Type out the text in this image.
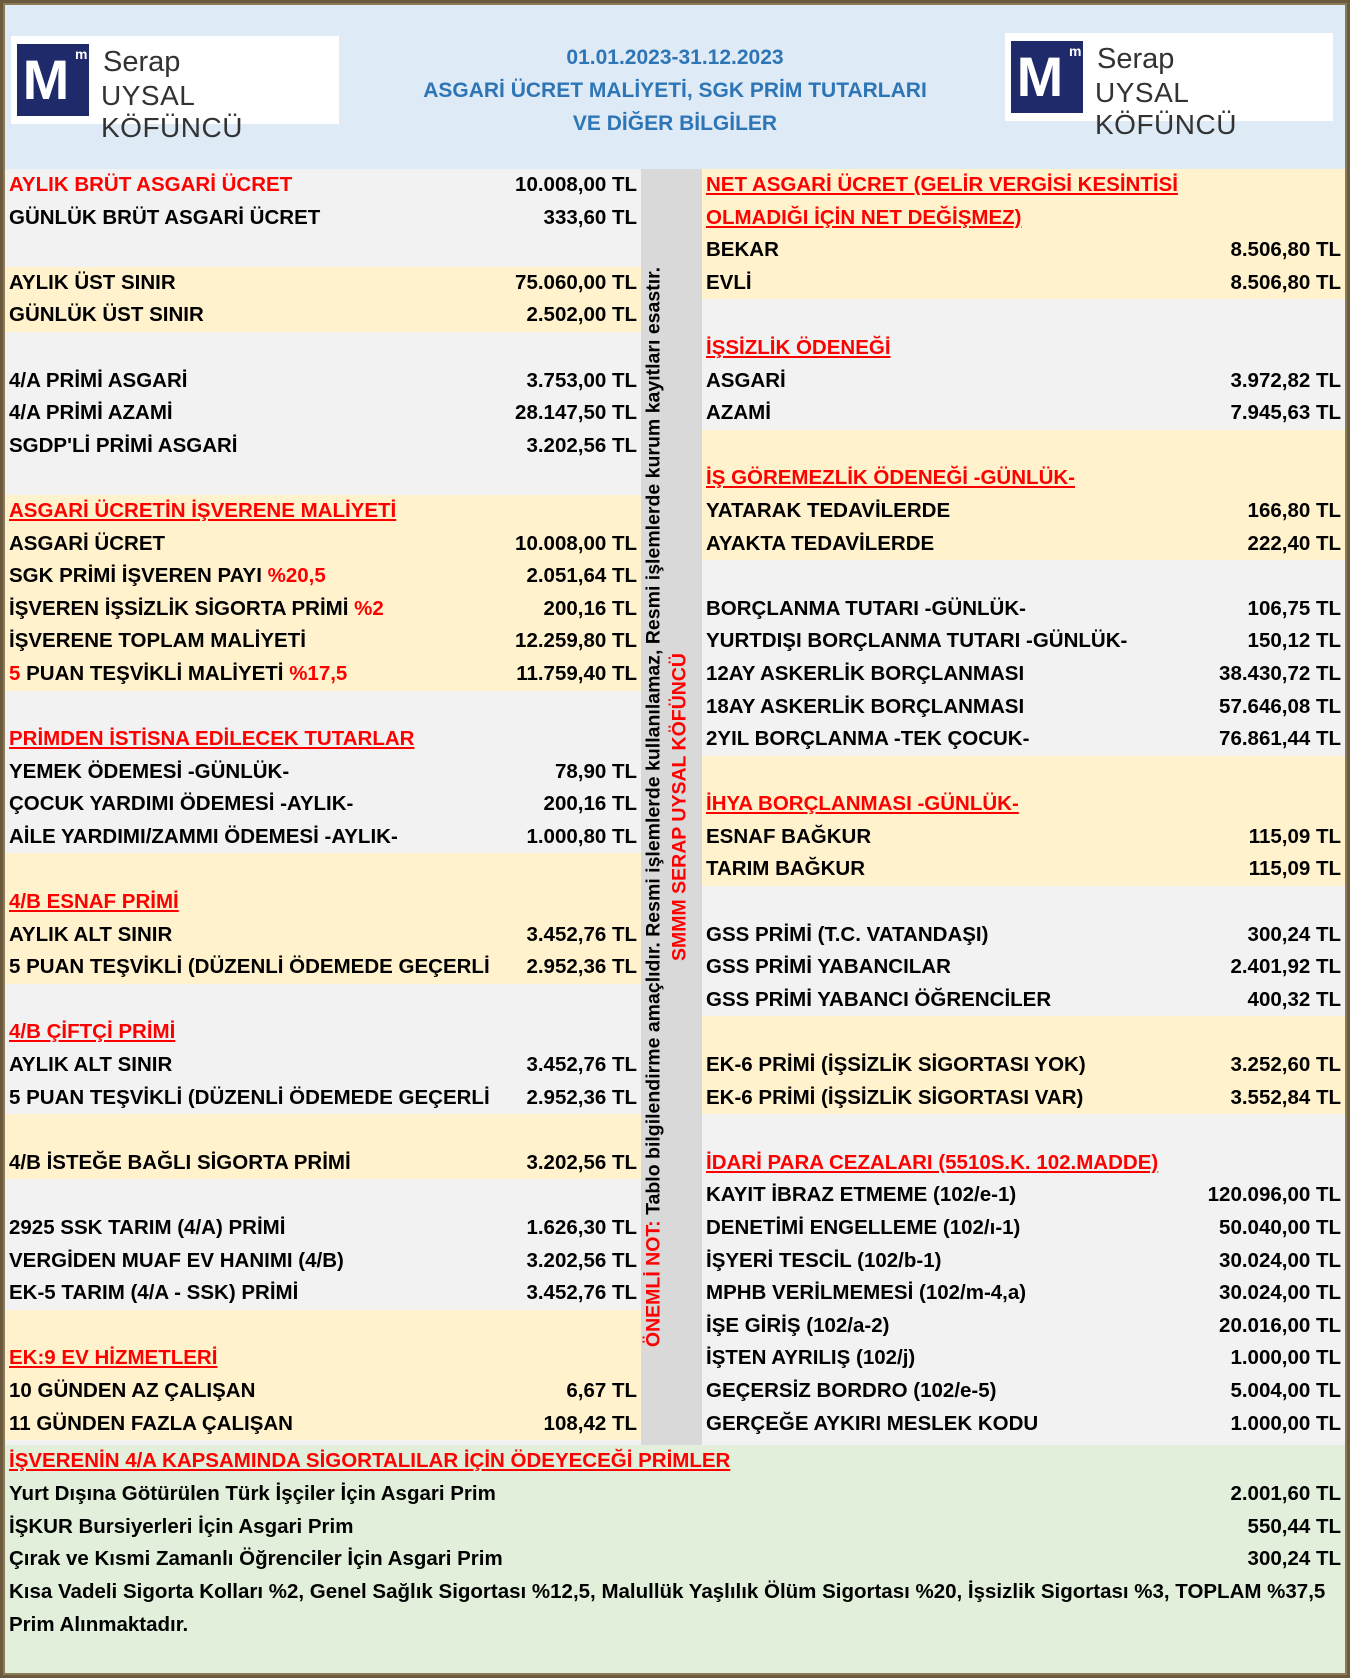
M m Serap
UYSAL KÖFÜNCÜ
01.01.2023-31.12.2023
ASGARİ ÜCRET MALİYETİ, SGK PRİM TUTARLARI
VE DİĞER BİLGİLER
M m Serap
UYSAL KÖFÜNCÜ
AYLIK BRÜT ASGARİ ÜCRET	10.008,00 TL
GÜNLÜK BRÜT ASGARİ ÜCRET	333,60 TL
AYLIK ÜST SINIR	75.060,00 TL
GÜNLÜK ÜST SINIR	2.502,00 TL
4/A PRİMİ ASGARİ	3.753,00 TL
4/A PRİMİ AZAMİ	28.147,50 TL
SGDP'Lİ PRİMİ ASGARİ	3.202,56 TL
ASGARİ ÜCRETİN İŞVERENE MALİYETİ
ASGARİ ÜCRET	10.008,00 TL
SGK PRİMİ İŞVEREN PAYI %20,5	2.051,64 TL
İŞVEREN İŞSİZLİK SİGORTA PRİMİ %2	200,16 TL
İŞVERENE TOPLAM MALİYETİ	12.259,80 TL
5 PUAN TEŞVİKLİ MALİYETİ %17,5	11.759,40 TL
PRİMDEN İSTİSNA EDİLECEK TUTARLAR
YEMEK ÖDEMESİ -GÜNLÜK-	78,90 TL
ÇOCUK YARDIMI ÖDEMESİ -AYLIK-	200,16 TL
AİLE YARDIMI/ZAMMI ÖDEMESİ -AYLIK-	1.000,80 TL
4/B ESNAF PRİMİ
AYLIK ALT SINIR	3.452,76 TL
5 PUAN TEŞVİKLİ (DÜZENLİ ÖDEMEDE GEÇERLİ	2.952,36 TL
4/B ÇİFTÇİ PRİMİ
AYLIK ALT SINIR	3.452,76 TL
5 PUAN TEŞVİKLİ (DÜZENLİ ÖDEMEDE GEÇERLİ	2.952,36 TL
4/B İSTEĞE BAĞLI SİGORTA PRİMİ	3.202,56 TL
2925 SSK TARIM (4/A) PRİMİ	1.626,30 TL
VERGİDEN MUAF EV HANIMI (4/B)	3.202,56 TL
EK-5 TARIM (4/A - SSK) PRİMİ	3.452,76 TL
EK:9 EV HİZMETLERİ
10 GÜNDEN AZ ÇALIŞAN	6,67 TL
11 GÜNDEN FAZLA ÇALIŞAN	108,42 TL
ÖNEMLİ NOT: Tablo bilgilendirme amaçlıdır. Resmi işlemlerde kullanılamaz, Resmi işlemlerde kurum kayıtları esastır. SMMM SERAP UYSAL KÖFÜNCÜ
NET ASGARİ ÜCRET (GELİR VERGİSİ KESİNTİSİ
OLMADIĞI İÇİN NET DEĞİŞMEZ)
BEKAR	8.506,80 TL
EVLİ	8.506,80 TL
İŞSİZLİK ÖDENEĞİ
ASGARİ	3.972,82 TL
AZAMİ	7.945,63 TL
İŞ GÖREMEZLİK ÖDENEĞİ -GÜNLÜK-
YATARAK TEDAVİLERDE	166,80 TL
AYAKTA TEDAVİLERDE	222,40 TL
BORÇLANMA TUTARI -GÜNLÜK-	106,75 TL
YURTDIŞI BORÇLANMA TUTARI -GÜNLÜK-	150,12 TL
12AY ASKERLİK BORÇLANMASI	38.430,72 TL
18AY ASKERLİK BORÇLANMASI	57.646,08 TL
2YIL BORÇLANMA -TEK ÇOCUK-	76.861,44 TL
İHYA BORÇLANMASI -GÜNLÜK-
ESNAF BAĞKUR	115,09 TL
TARIM BAĞKUR	115,09 TL
GSS PRİMİ (T.C. VATANDAŞI)	300,24 TL
GSS PRİMİ YABANCILAR	2.401,92 TL
GSS PRİMİ YABANCI ÖĞRENCİLER	400,32 TL
EK-6 PRİMİ (İŞSİZLİK SİGORTASI YOK)	3.252,60 TL
EK-6 PRİMİ (İŞSİZLİK SİGORTASI VAR)	3.552,84 TL
İDARİ PARA CEZALARI (5510S.K. 102.MADDE)
KAYIT İBRAZ ETMEME (102/e-1)	120.096,00 TL
DENETİMİ ENGELLEME (102/ı-1)	50.040,00 TL
İŞYERİ TESCİL (102/b-1)	30.024,00 TL
MPHB VERİLMEMESİ (102/m-4,a)	30.024,00 TL
İŞE GİRİŞ (102/a-2)	20.016,00 TL
İŞTEN AYRILIŞ (102/j)	1.000,00 TL
GEÇERSİZ BORDRO (102/e-5)	5.004,00 TL
GERÇEĞE AYKIRI MESLEK KODU	1.000,00 TL
İŞVERENİN 4/A KAPSAMINDA SİGORTALILAR İÇİN ÖDEYECEĞİ PRİMLER
Yurt Dışına Götürülen Türk İşçiler İçin Asgari Prim	2.001,60 TL
İŞKUR Bursiyerleri İçin Asgari Prim	550,44 TL
Çırak ve Kısmi Zamanlı Öğrenciler İçin Asgari Prim	300,24 TL
Kısa Vadeli Sigorta Kolları %2, Genel Sağlık Sigortası %12,5, Malullük Yaşlılık Ölüm Sigortası %20, İşsizlik Sigortası %3, TOPLAM %37,5 Prim Alınmaktadır.
